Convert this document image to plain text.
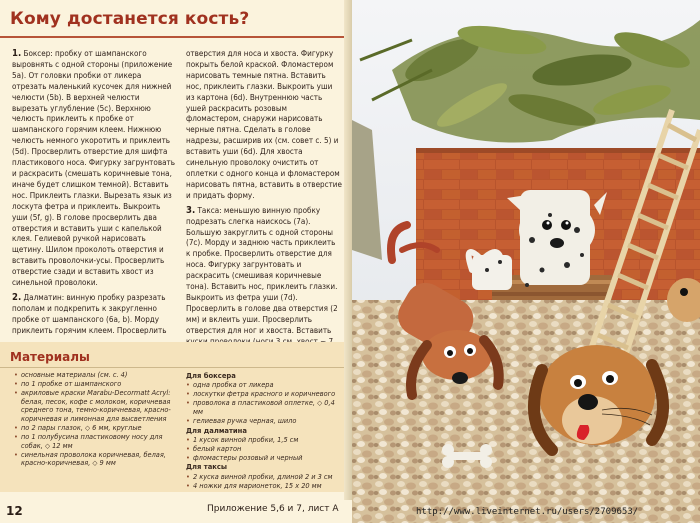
Кому достанется кость?

1. Боксер: пробку от шампанского выровнять с одной стороны (приложение 5а). От головки пробки от ликера отрезать маленький кусочек для нижней челюсти (5b). В верхней челюсти вырезать углубление (5с). Верхнюю челюсть приклеить к пробке от шампанского горячим клеем. Нижнюю челюсть немного укоротить и приклеить (5d). Просверлить отверстие для шифта пластикового носа. Фигурку загрунтовать и раскрасить (смешать коричневые тона, иначе будет слишком темной). Вставить нос. Приклеить глазки. Вырезать язык из лоскута фетра и приклеить. Выкроить уши (5f, g). В голове просверлить два отверстия и вставить уши с капелькой клея. Гелиевой ручкой нарисовать щетину. Шилом проколоть отверстия и вставить проволочки-усы. Просверлить отверстие сзади и вставить хвост из синельной проволоки.

2. Далматин: винную пробку разрезать пополам и подкрепить к закругленно пробке от шампанского (6а, b). Морду приклеить горячим клеем. Просверлить

отверстия для носа и хвоста. Фигурку покрыть белой краской. Фломастером нарисовать темные пятна. Вставить нос, приклеить глазки. Выкроить уши из картона (6d). Внутреннюю часть ушей раскрасить розовым фломастером, снаружи нарисовать черные пятна. Сделать в голове надрезы, расширив их (см. совет с. 5) и вставить уши (6d). Для хвоста синельную проволоку очистить от оплетки с одного конца и фломастером нарисовать пятна, вставить в отверстие и придать форму.

3. Такса: меньшую винную пробку подрезать слегка наискось (7а). Большую закруглить с одной стороны (7с). Морду и заднюю часть приклеить к пробке. Просверлить отверстие для носа. Фигурку загрунтовать и раскрасить (смешивая коричневые тона). Вставить нос, приклеить глазки. Выкроить из фетра уши (7d). Просверлить в голове два отверстия (2 мм) и вклеить уши. Просверлить отверстия для ног и хвоста. Вставить

Материалы
• основные материалы (см. с. 4)
• по 1 пробке от шампанского
• акриловые краски Marabu-Decormatt Acryl: белая, песок, кофе с молоком, коричневая среднего тона, темно-коричневая, красно-коричневая и лимонная для высветления
• по 2 пары глазок, ◇ 6 мм, круглые
• по 1 полубусина пластиковому носу для собак, ◇ 12 мм
• синельная проволока коричневая, белая, красно-коричневая, ◇ 9 мм
Для боксера
• одна пробка от ликера
• лоскутки фетра красного и коричневого
• проволока в пластиковой оплетке, ◇ 0,4 мм
• гелиевая ручка черная, шило
Для далматина
• 1 кусок винной пробки, 1,5 см
• белый картон
• фломастеры розовый и черный
Для таксы
• 2 куска винной пробки, длиной 2 и 3 см
• 4 ножки для марионеток, 15 x 20 мм
12	Приложение 5,6 и 7, лист А	http://www.liveinternet.ru/users/2709653/
